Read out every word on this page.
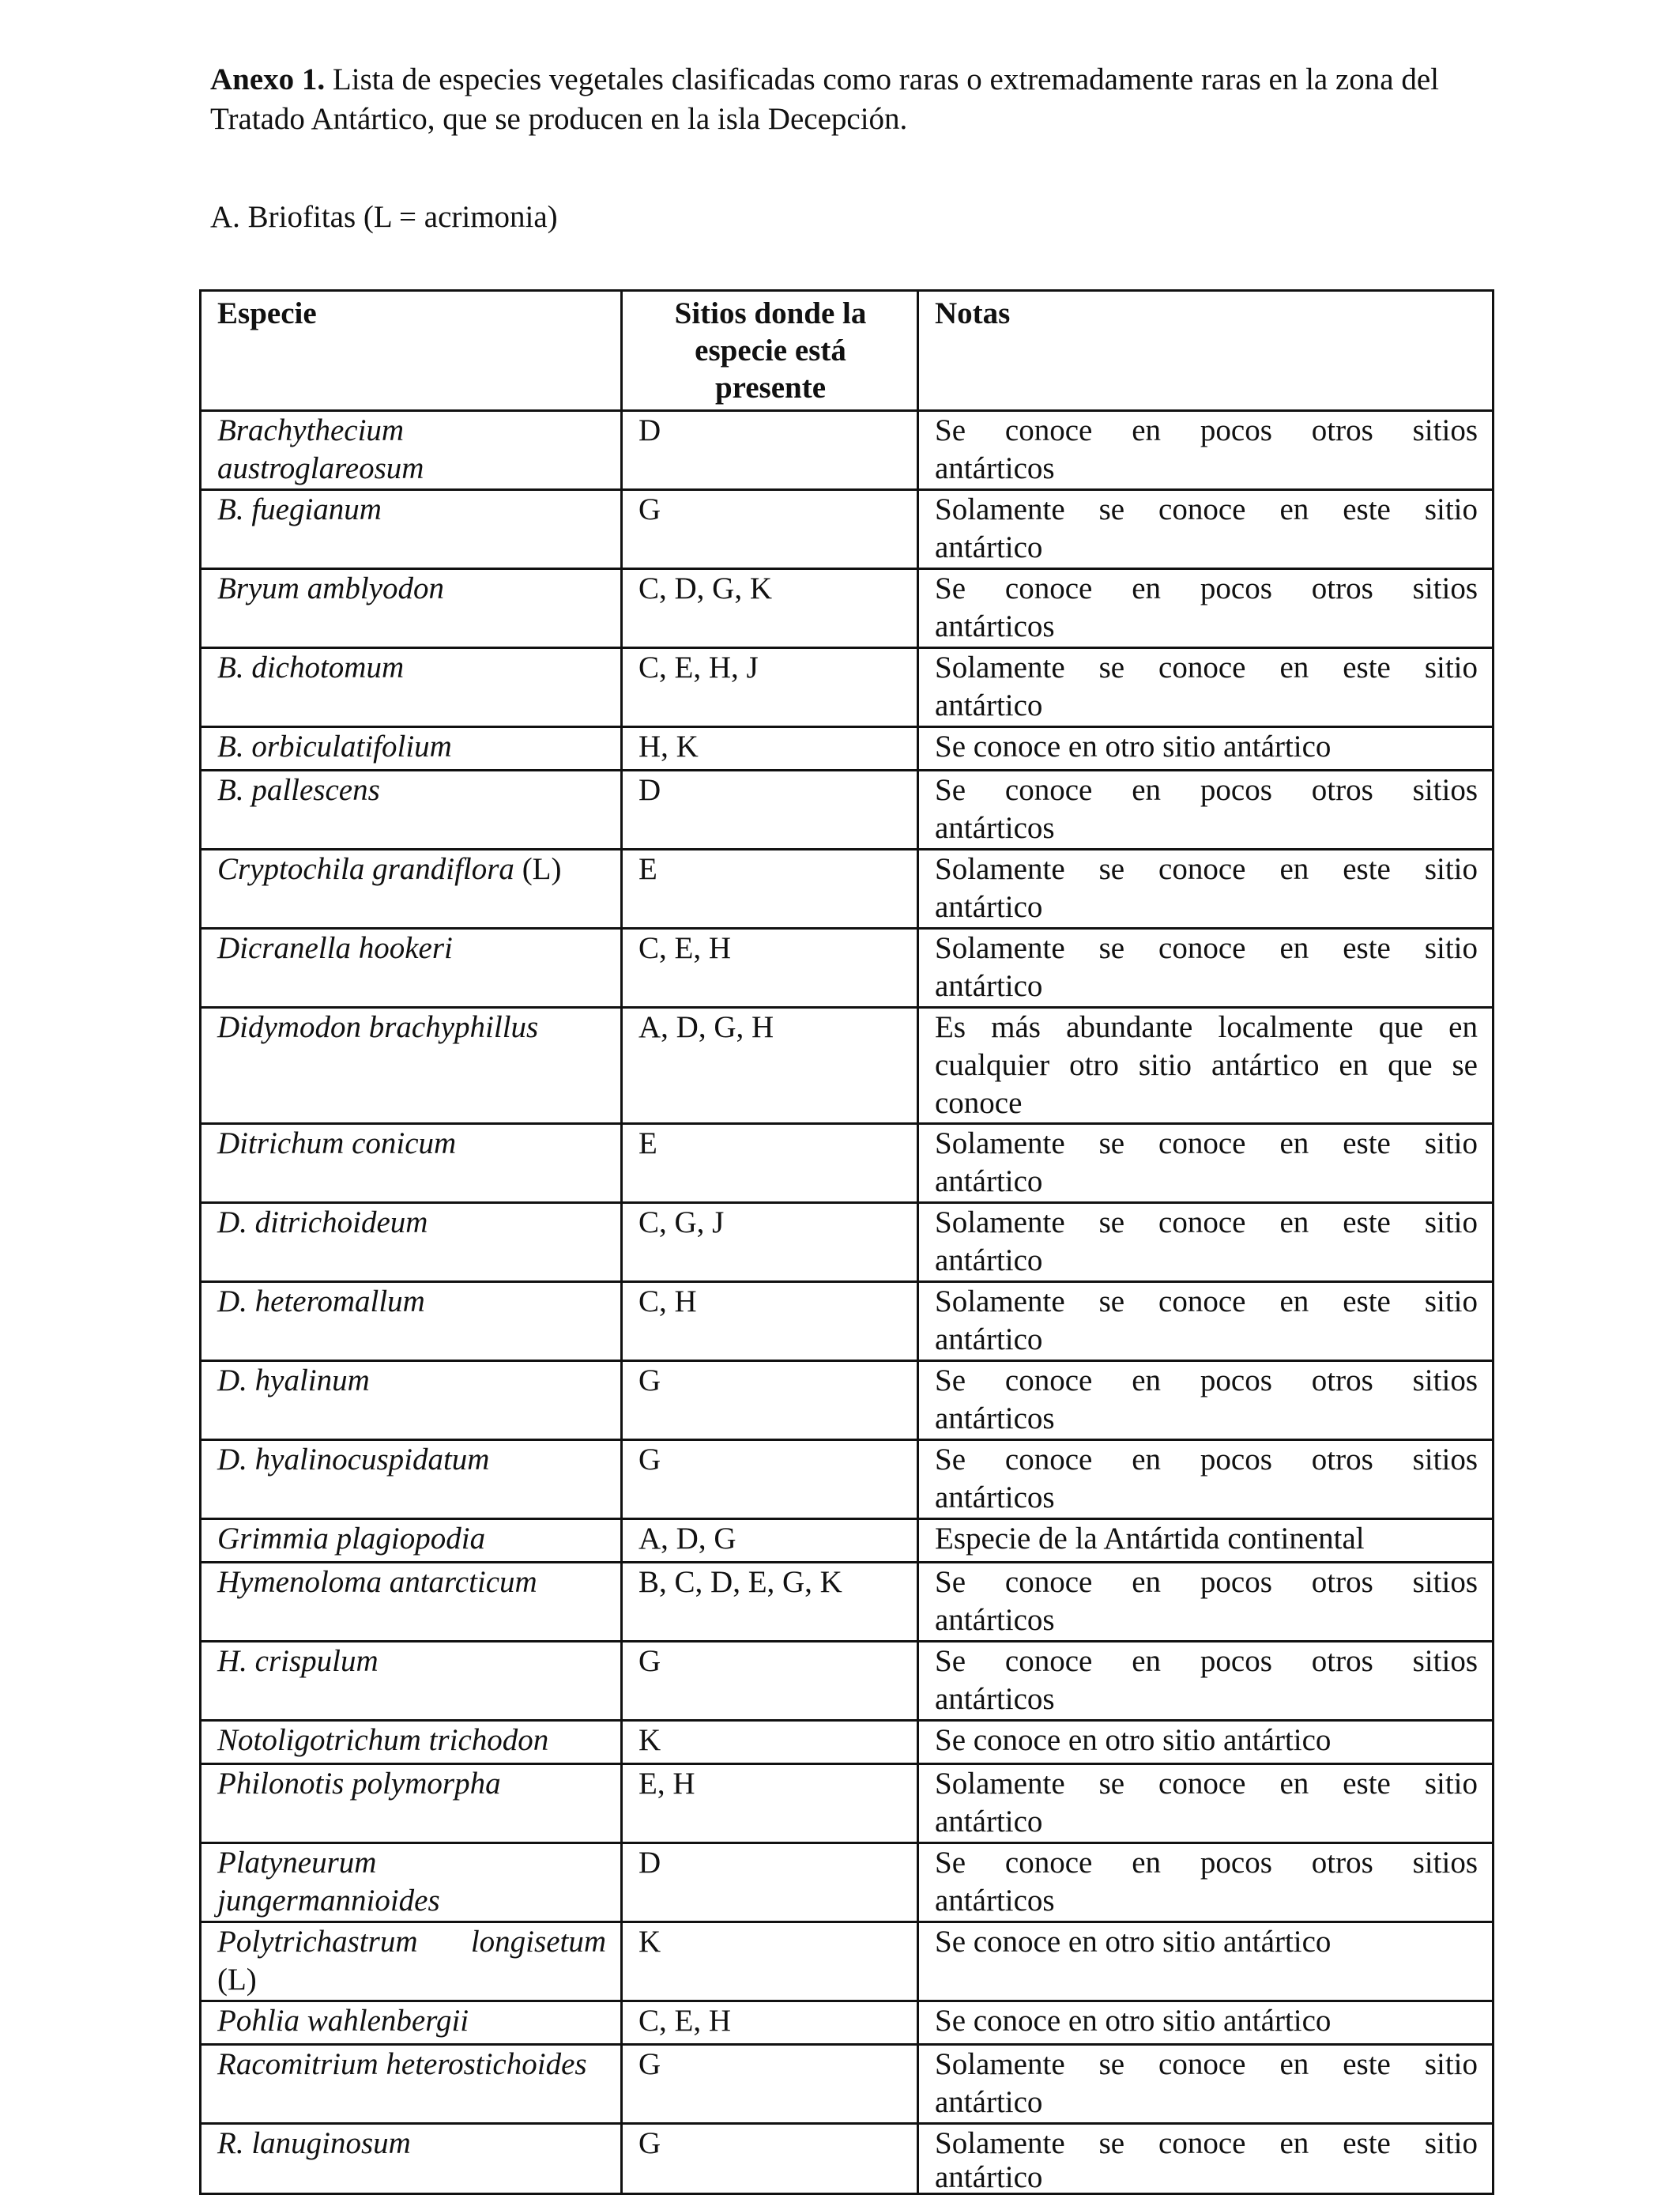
Anexo 1. Lista de especies vegetales clasificadas como raras o extremadamente raras en la zona del Tratado Antártico, que se producen en la isla Decepción.

A. Briofitas (L = acrimonia)

Especie	Sitios donde la especie está presente	Notas
Brachythecium austroglareosum	D	Se conoce en pocos otros sitios
antárticos

B. fuegianum	G	Solamente se conoce en este sitio
antártico

Bryum amblyodon	C, D, G, K	Se conoce en pocos otros sitios
antárticos

B. dichotomum	C, E, H, J	Solamente se conoce en este sitio
antártico

B. orbiculatifolium	H, K	Se conoce en otro sitio antártico

B. pallescens	D	Se conoce en pocos otros sitios
antárticos

Cryptochila grandiflora (L)	E	Solamente se conoce en este sitio
antártico

Dicranella hookeri	C, E, H	Solamente se conoce en este sitio
antártico

Didymodon brachyphillus	A, D, G, H	Es más abundante localmente que en cualquier otro sitio antártico en que se
conoce

Ditrichum conicum	E	Solamente se conoce en este sitio
antártico

D. ditrichoideum	C, G, J	Solamente se conoce en este sitio
antártico

D. heteromallum	C, H	Solamente se conoce en este sitio
antártico

D. hyalinum	G	Se conoce en pocos otros sitios
antárticos

D. hyalinocuspidatum	G	Se conoce en pocos otros sitios
antárticos

Grimmia plagiopodia	A, D, G	Especie de la Antártida continental

Hymenoloma antarcticum	B, C, D, E, G, K	Se conoce en pocos otros sitios
antárticos

H. crispulum	G	Se conoce en pocos otros sitios
antárticos

Notoligotrichum trichodon	K	Se conoce en otro sitio antártico

Philonotis polymorpha	E, H	Solamente se conoce en este sitio
antártico

Platyneurum jungermannioides	D	Se conoce en pocos otros sitios
antárticos

Polytrichastrum longisetum (L)	K	Se conoce en otro sitio antártico

Pohlia wahlenbergii	C, E, H	Se conoce en otro sitio antártico

Racomitrium heterostichoides	G	Solamente se conoce en este sitio
antártico

R. lanuginosum	G	Solamente se conoce en este sitio
antártico
